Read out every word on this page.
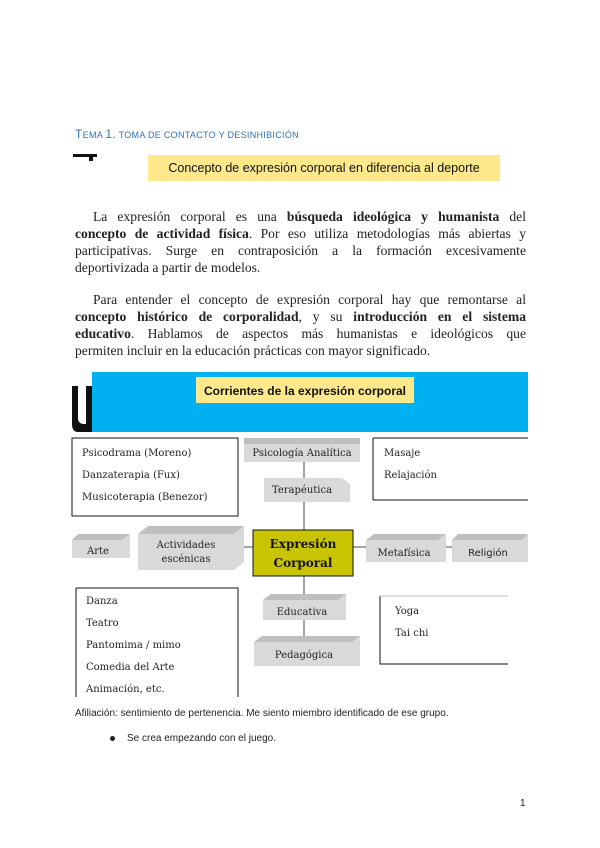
TEMA 1. TOMA DE CONTACTO Y DESINHIBICIÓN
Concepto de expresión corporal en diferencia al deporte
La expresión corporal es una búsqueda ideológica y humanista del
concepto de actividad física. Por eso utiliza metodologías más abiertas y
participativas. Surge en contraposición a la formación excesivamente
deportivizada a partir de modelos.
Para entender el concepto de expresión corporal hay que remontarse al
concepto histórico de corporalidad, y su introducción en el sistema
educativo. Hablamos de aspectos más humanistas e ideológicos que
permiten incluir en la educación prácticas con mayor significado.
Corrientes de la expresión corporal
Psicodrama (Moreno)
Danzaterapia (Fux)
Musicoterapia (Benezor)
Psicología Analítica
Terapéutica
Masaje
Relajación
Arte
Actividades
escénicas
Expresión
Corporal
Metafísica	Religión
Danza
Teatro
Pantomima / mimo
Comedia del Arte
Animación, etc.
Educativa
Pedagógica
Yoga
Tai chi
Afiliación: sentimiento de pertenencia. Me siento miembro identificado de ese grupo.
Se crea empezando con el juego.
1
